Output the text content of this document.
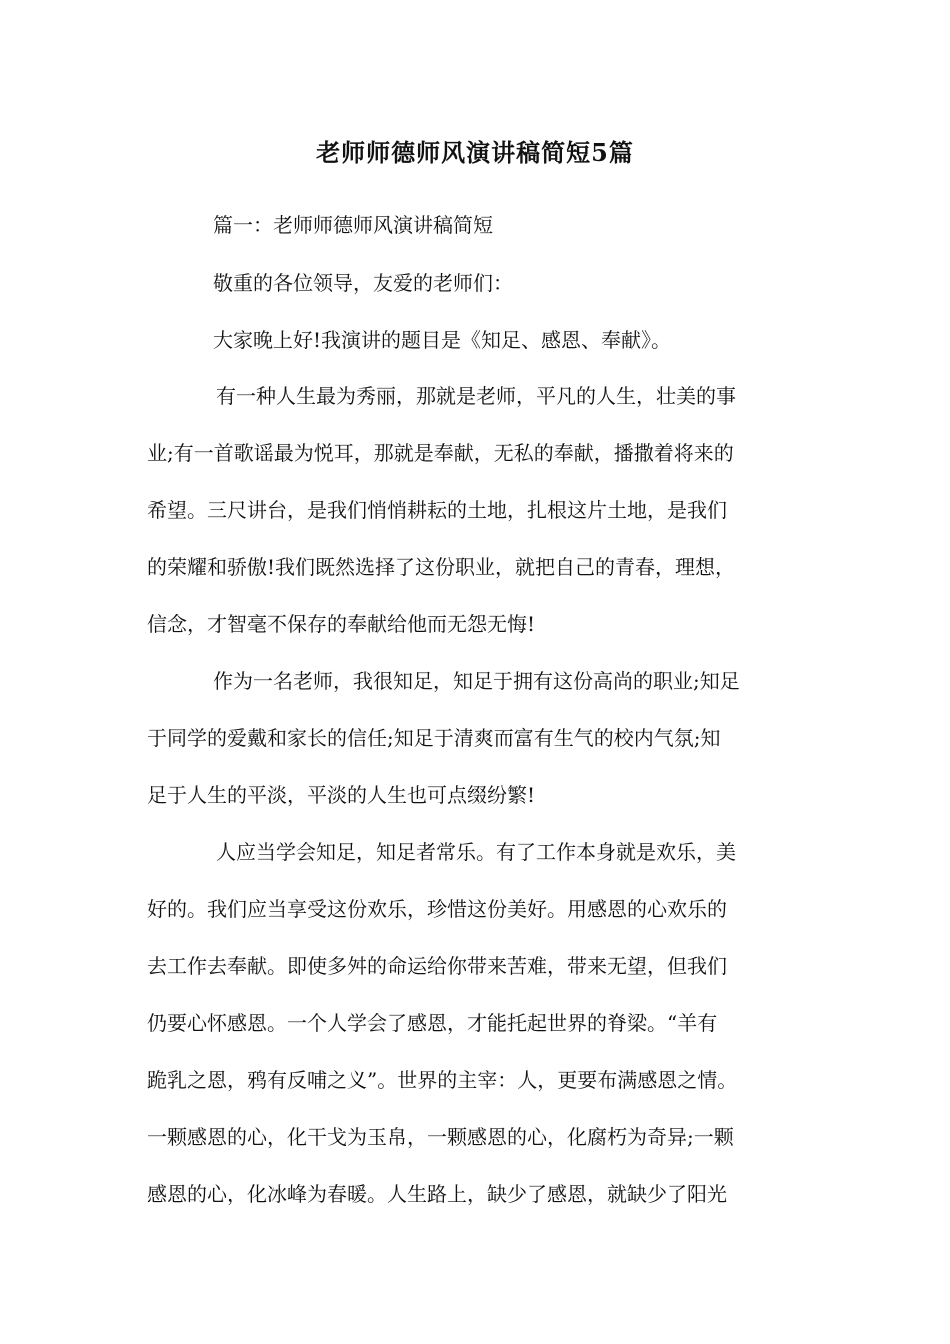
老师师德师风演讲稿简短5篇
篇一：老师师德师风演讲稿简短
敬重的各位领导，友爱的老师们：
大家晚上好!我演讲的题目是《知足、感恩、奉献》。
有一种人生最为秀丽，那就是老师，平凡的人生，壮美的事
业;有一首歌谣最为悦耳，那就是奉献，无私的奉献，播撒着将来的
希望。三尺讲台，是我们悄悄耕耘的土地，扎根这片土地，是我们
的荣耀和骄傲!我们既然选择了这份职业，就把自己的青春，理想，
信念，才智毫不保存的奉献给他而无怨无悔!
作为一名老师，我很知足，知足于拥有这份高尚的职业;知足
于同学的爱戴和家长的信任;知足于清爽而富有生气的校内气氛;知
足于人生的平淡，平淡的人生也可点缀纷繁!
人应当学会知足，知足者常乐。有了工作本身就是欢乐，美
好的。我们应当享受这份欢乐，珍惜这份美好。用感恩的心欢乐的
去工作去奉献。即使多舛的命运给你带来苦难，带来无望，但我们
仍要心怀感恩。一个人学会了感恩，才能托起世界的脊梁。“羊有
跪乳之恩，鸦有反哺之义”。世界的主宰：人，更要布满感恩之情。
一颗感恩的心，化干戈为玉帛，一颗感恩的心，化腐朽为奇异;一颗
感恩的心，化冰峰为春暖。人生路上，缺少了感恩，就缺少了阳光
